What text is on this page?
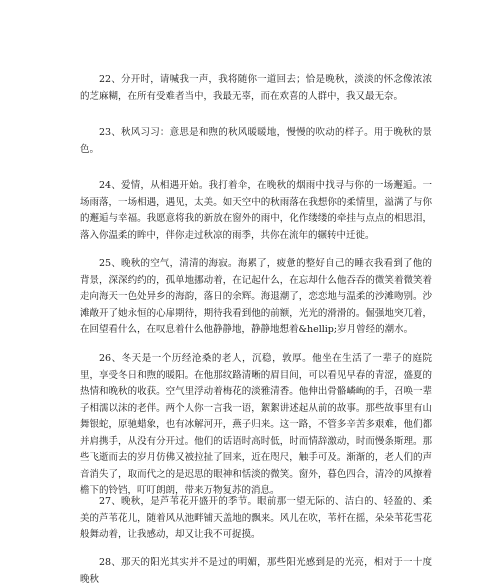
22、分开时，请喊我一声，我将随你一道回去；恰是晚秋，淡淡的怀念像浓浓的芝麻糊，在所有受难者当中，我最无辜，而在欢喜的人群中，我又最无奈。

23、秋风习习：意思是和煦的秋风暖暖地，慢慢的吹动的样子。用于晚秋的景色。

24、爱情，从相遇开始。我打着伞，在晚秋的烟雨中找寻与你的一场邂逅。一场雨落，一场相遇，遇见，太美。如天空中的秋雨落在我想你的柔情里，溢满了与你的邂逅与幸福。我愿意将我的新放在窗外的雨中，化作缕缕的牵挂与点点的相思泪，落入你温柔的眸中，伴你走过秋凉的雨季，共你在流年的辗转中迁徙。

25、晚秋的空气，清清的海寂。海累了，疲惫的整好自己的睡衣我看到了他的背景，深深约约的，孤单地挪动着，在记起什么，在忘却什么他吞吞的微笑着微笑着走向海天一色处异乡的海韵，落日的余辉。海退潮了，恋恋地与温柔的沙滩吻别。沙滩敞开了她永恒的心扉期待，期待我看到他的前额，光光的滑滑的。倔强地突兀着，在回望看什么，在叹息着什么他静静地，静静地想着&hellip;岁月曾经的潮水。

26、冬天是一个历经沧桑的老人，沉稳，敦厚。他坐在生活了一辈子的庭院里，享受冬日和煦的暖阳。在他那纹路清晰的眉目间，可以看见早春的青涩，盛夏的热情和晚秋的收获。空气里浮动着梅花的淡雅清香。他伸出骨骼嶙峋的手，召唤一辈子相濡以沫的老伴。两个人你一言我一语，絮絮讲述起从前的故事。那些故事里有山舞银蛇，原驰蜡象，也有冰解河开，燕子归来。这一路，不管多辛苦多艰难，他们都并肩携手，从没有分开过。他们的话语时高时低，时而情辞激动，时而慢条斯理。那些飞逝而去的岁月仿佛又被拉扯了回来，近在咫尺，触手可及。渐渐的，老人们的声音消失了，取而代之的是迟思的眼神和恬淡的微笑。窗外，暮色四合，清冷的风撩着檐下的铃铛，叮叮朗朗，带来万物复苏的消息。

27、晚秋，是芦苇花开盛开的季节。眼前那一望无际的、洁白的、轻盈的、柔美的芦苇花儿，随着风从池畔铺天盖地的飘来。风儿在吹，苇杆在摇，朵朵苇花雪花般舞动着，让我感动，却又让我不可捉摸。

28、那天的阳光其实并不是过的明媚，那些阳光感到是的光亮，相对于一十度晚秋
